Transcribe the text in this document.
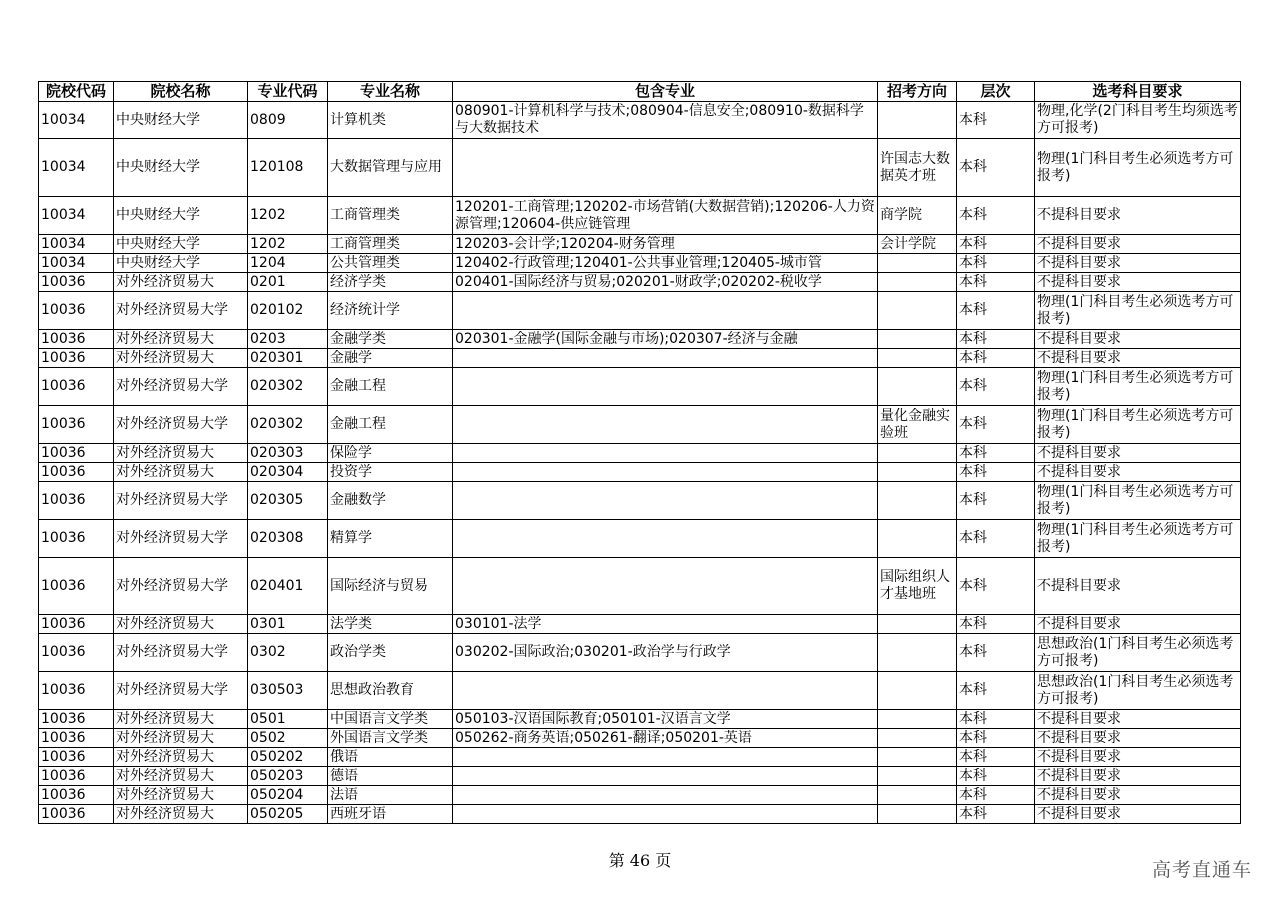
院校代码	院校名称	专业代码	专业名称	包含专业	招考方向	层次	选考科目要求

10034	中央财经大学	0809	计算机类	080901-计算机科学与技术;080904-信息安全;080910-数据科学与大数据技术		本科	物理,化学(2门科目考生均须选考方可报考)

10034	中央财经大学	120108	大数据管理与应用		许国志大数据英才班	本科	物理(1门科目考生必须选考方可报考)

10034	中央财经大学	1202	工商管理类	120201-工商管理;120202-市场营销(大数据营销);120206-人力资源管理;120604-供应链管理	商学院	本科	不提科目要求

10034	中央财经大学	1202	工商管理类	120203-会计学;120204-财务管理	会计学院	本科	不提科目要求

10034	中央财经大学	1204	公共管理类	120402-行政管理;120401-公共事业管理;120405-城市管		本科	不提科目要求

10036	对外经济贸易大	0201	经济学类	020401-国际经济与贸易;020201-财政学;020202-税收学		本科	不提科目要求

10036	对外经济贸易大学	020102	经济统计学			本科	物理(1门科目考生必须选考方可报考)

10036	对外经济贸易大	0203	金融学类	020301-金融学(国际金融与市场);020307-经济与金融		本科	不提科目要求

10036	对外经济贸易大	020301	金融学			本科	不提科目要求

10036	对外经济贸易大学	020302	金融工程			本科	物理(1门科目考生必须选考方可报考)

10036	对外经济贸易大学	020302	金融工程		量化金融实验班	本科	物理(1门科目考生必须选考方可报考)

10036	对外经济贸易大	020303	保险学			本科	不提科目要求

10036	对外经济贸易大	020304	投资学			本科	不提科目要求

10036	对外经济贸易大学	020305	金融数学			本科	物理(1门科目考生必须选考方可报考)

10036	对外经济贸易大学	020308	精算学			本科	物理(1门科目考生必须选考方可报考)

10036	对外经济贸易大学	020401	国际经济与贸易		国际组织人才基地班	本科	不提科目要求

10036	对外经济贸易大	0301	法学类	030101-法学		本科	不提科目要求

10036	对外经济贸易大学	0302	政治学类	030202-国际政治;030201-政治学与行政学		本科	思想政治(1门科目考生必须选考方可报考)

10036	对外经济贸易大学	030503	思想政治教育			本科	思想政治(1门科目考生必须选考方可报考)

10036	对外经济贸易大	0501	中国语言文学类	050103-汉语国际教育;050101-汉语言文学		本科	不提科目要求

10036	对外经济贸易大	0502	外国语言文学类	050262-商务英语;050261-翻译;050201-英语		本科	不提科目要求

10036	对外经济贸易大	050202	俄语			本科	不提科目要求

10036	对外经济贸易大	050203	德语			本科	不提科目要求

10036	对外经济贸易大	050204	法语			本科	不提科目要求

10036	对外经济贸易大	050205	西班牙语			本科	不提科目要求
第 46 页	高考直通车
